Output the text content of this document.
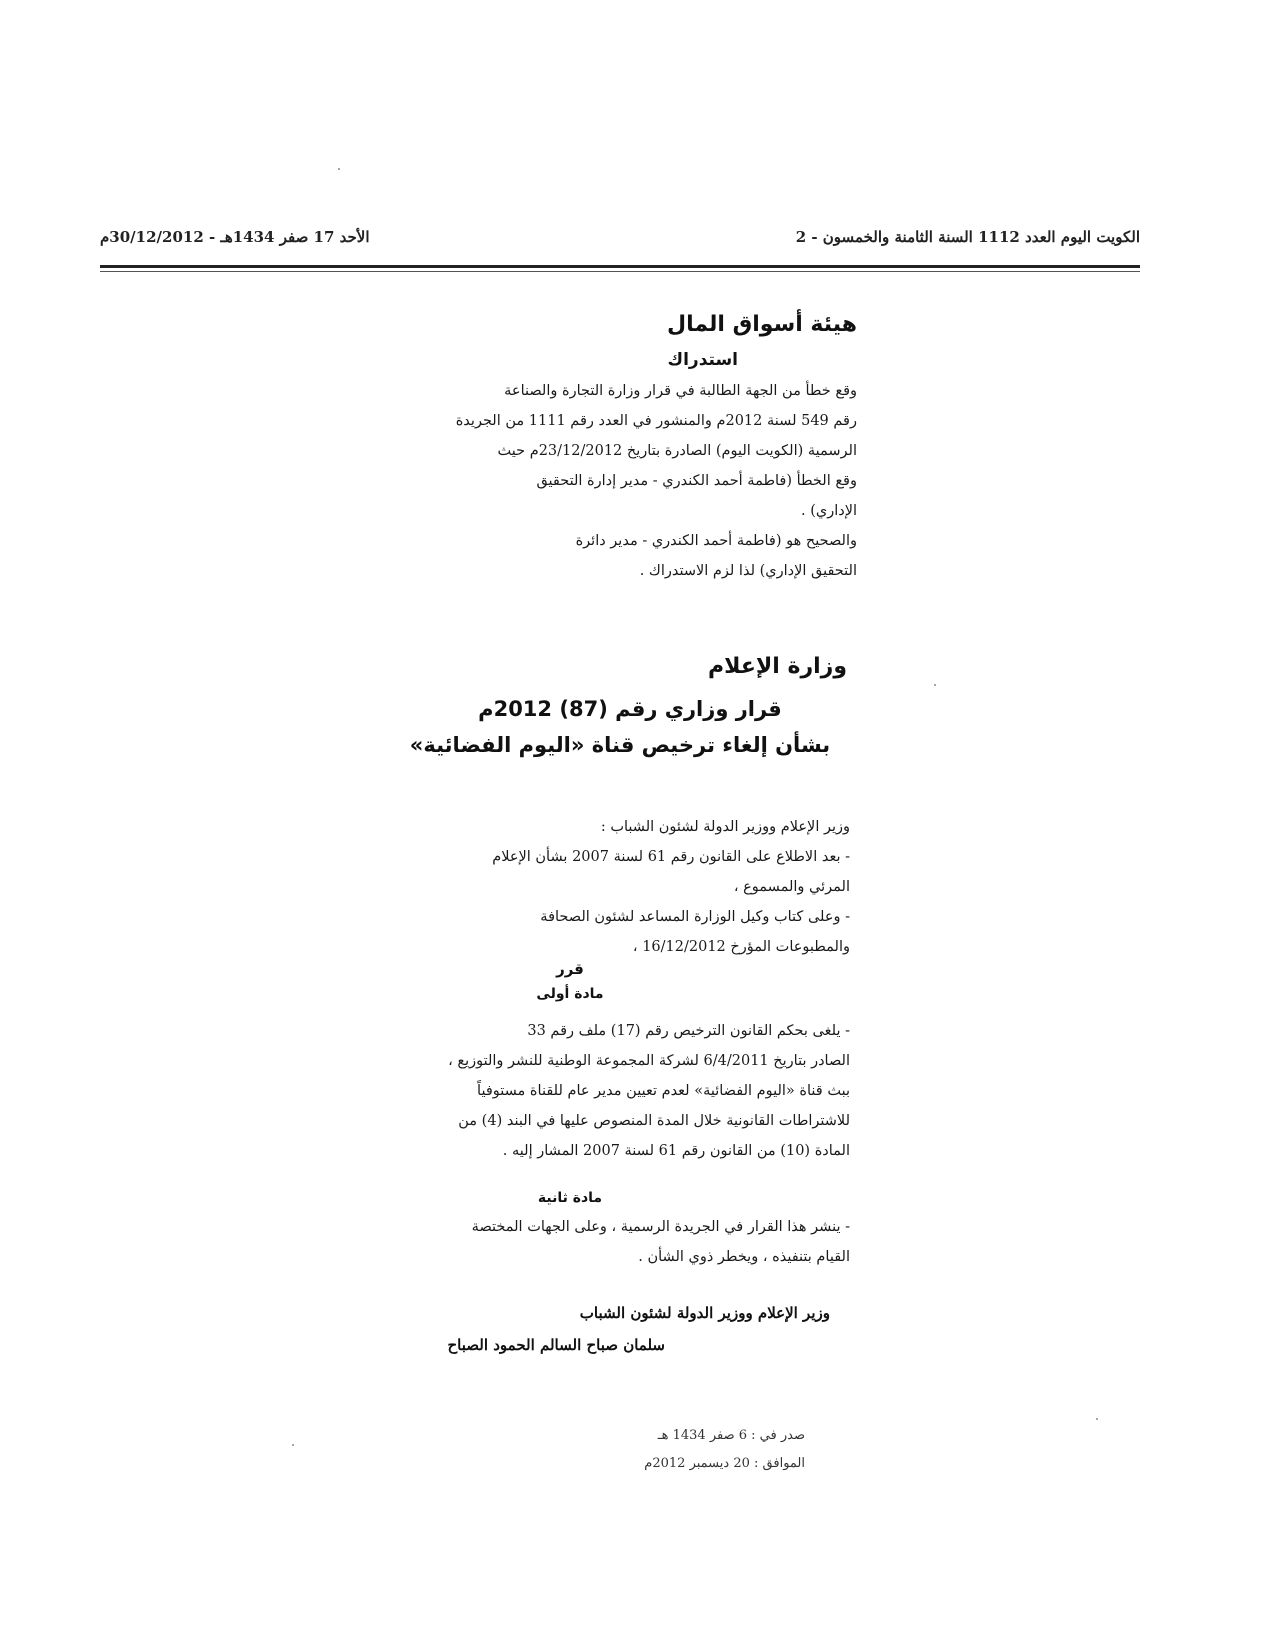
الكويت اليوم العدد 1112 السنة الثامنة والخمسون - 2
الأحد 17 صفر 1434هـ - 30/12/2012م
هيئة أسواق المال
استدراك
وقع خطأ من الجهة الطالبة في قرار وزارة التجارة والصناعة
رقم 549 لسنة 2012م والمنشور في العدد رقم 1111 من الجريدة
الرسمية (الكويت اليوم) الصادرة بتاريخ 23/12/2012م حيث
وقع الخطأ (فاطمة أحمد الكندري - مدير إدارة التحقيق
الإداري) .
والصحيح هو (فاطمة أحمد الكندري - مدير دائرة
التحقيق الإداري) لذا لزم الاستدراك .
وزارة الإعلام
قرار وزاري رقم (87) 2012م
بشأن إلغاء ترخيص قناة «اليوم الفضائية»
وزير الإعلام ووزير الدولة لشئون الشباب :
- بعد الاطلاع على القانون رقم 61 لسنة 2007 بشأن الإعلام
المرئي والمسموع ،
- وعلى كتاب وكيل الوزارة المساعد لشئون الصحافة
والمطبوعات المؤرخ 16/12/2012 ،
قرر
مادة أولى
- يلغى بحكم القانون الترخيص رقم (17) ملف رقم 33
الصادر بتاريخ 6/4/2011 لشركة المجموعة الوطنية للنشر والتوزيع ،
ببث قناة «اليوم الفضائية» لعدم تعيين مدير عام للقناة مستوفياً
للاشتراطات القانونية خلال المدة المنصوص عليها في البند (4) من
المادة (10) من القانون رقم 61 لسنة 2007 المشار إليه .
مادة ثانية
- ينشر هذا القرار في الجريدة الرسمية ، وعلى الجهات المختصة
القيام بتنفيذه ، ويخطر ذوي الشأن .
وزير الإعلام ووزير الدولة لشئون الشباب
سلمان صباح السالم الحمود الصباح
صدر في : 6 صفر 1434 هـ
الموافق : 20 ديسمبر 2012م
